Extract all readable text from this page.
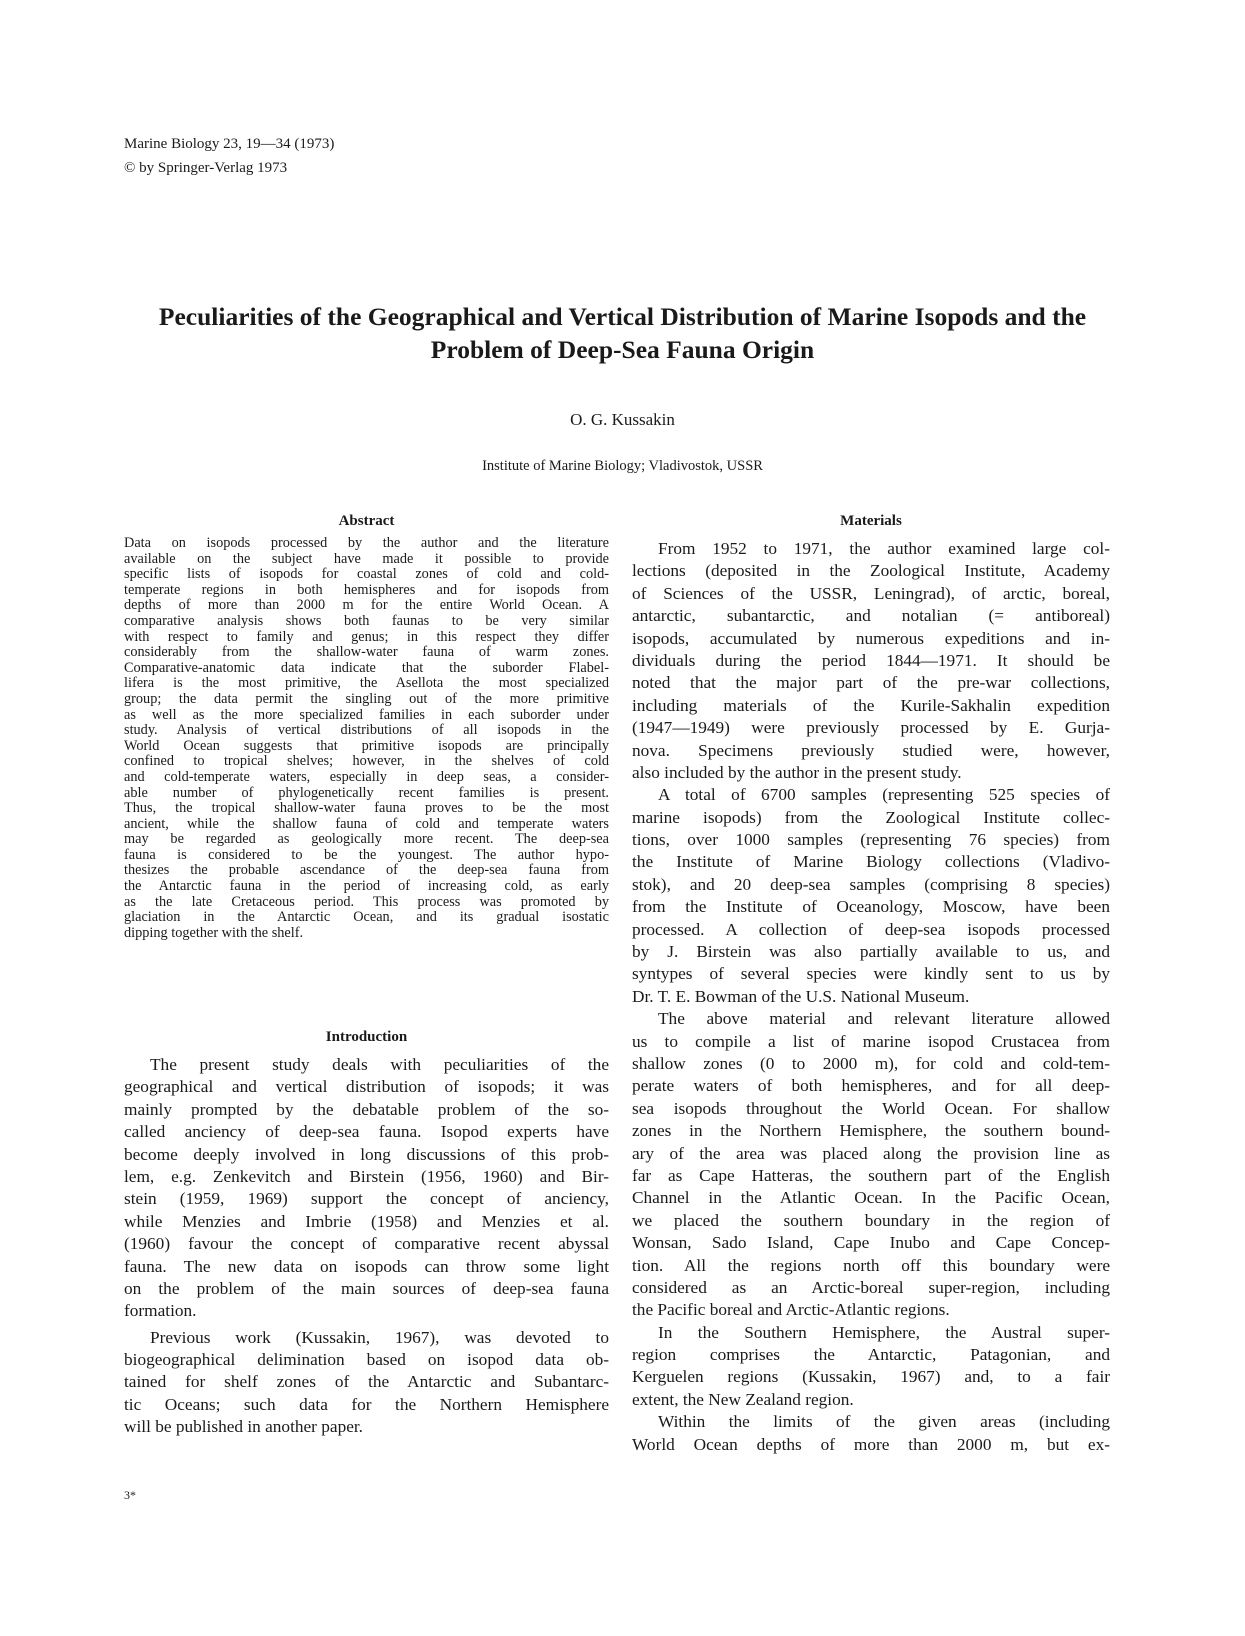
Marine Biology 23, 19—34 (1973)
© by Springer-Verlag 1973
Peculiarities of the Geographical and Vertical Distribution of Marine Isopods and the
Problem of Deep-Sea Fauna Origin
O. G. Kussakin
Institute of Marine Biology; Vladivostok, USSR
Abstract
Data on isopods processed by the author and the literature
available on the subject have made it possible to provide
specific lists of isopods for coastal zones of cold and cold-
temperate regions in both hemispheres and for isopods from
depths of more than 2000 m for the entire World Ocean. A
comparative analysis shows both faunas to be very similar
with respect to family and genus; in this respect they differ
considerably from the shallow-water fauna of warm zones.
Comparative-anatomic data indicate that the suborder Flabel-
lifera is the most primitive, the Asellota the most specialized
group; the data permit the singling out of the more primitive
as well as the more specialized families in each suborder under
study. Analysis of vertical distributions of all isopods in the
World Ocean suggests that primitive isopods are principally
confined to tropical shelves; however, in the shelves of cold
and cold-temperate waters, especially in deep seas, a consider-
able number of phylogenetically recent families is present.
Thus, the tropical shallow-water fauna proves to be the most
ancient, while the shallow fauna of cold and temperate waters
may be regarded as geologically more recent. The deep-sea
fauna is considered to be the youngest. The author hypo-
thesizes the probable ascendance of the deep-sea fauna from
the Antarctic fauna in the period of increasing cold, as early
as the late Cretaceous period. This process was promoted by
glaciation in the Antarctic Ocean, and its gradual isostatic
dipping together with the shelf.
Introduction
The present study deals with peculiarities of the
geographical and vertical distribution of isopods; it was
mainly prompted by the debatable problem of the so-
called anciency of deep-sea fauna. Isopod experts have
become deeply involved in long discussions of this prob-
lem, e.g. Zenkevitch and Birstein (1956, 1960) and Bir-
stein (1959, 1969) support the concept of anciency,
while Menzies and Imbrie (1958) and Menzies et al.
(1960) favour the concept of comparative recent abyssal
fauna. The new data on isopods can throw some light
on the problem of the main sources of deep-sea fauna
formation.
Previous work (Kussakin, 1967), was devoted to
biogeographical delimination based on isopod data ob-
tained for shelf zones of the Antarctic and Subantarc-
tic Oceans; such data for the Northern Hemisphere
will be published in another paper.
Materials
From 1952 to 1971, the author examined large col-
lections (deposited in the Zoological Institute, Academy
of Sciences of the USSR, Leningrad), of arctic, boreal,
antarctic, subantarctic, and notalian (= antiboreal)
isopods, accumulated by numerous expeditions and in-
dividuals during the period 1844—1971. It should be
noted that the major part of the pre-war collections,
including materials of the Kurile-Sakhalin expedition
(1947—1949) were previously processed by E. Gurja-
nova. Specimens previously studied were, however,
also included by the author in the present study.
A total of 6700 samples (representing 525 species of
marine isopods) from the Zoological Institute collec-
tions, over 1000 samples (representing 76 species) from
the Institute of Marine Biology collections (Vladivo-
stok), and 20 deep-sea samples (comprising 8 species)
from the Institute of Oceanology, Moscow, have been
processed. A collection of deep-sea isopods processed
by J. Birstein was also partially available to us, and
syntypes of several species were kindly sent to us by
Dr. T. E. Bowman of the U.S. National Museum.
The above material and relevant literature allowed
us to compile a list of marine isopod Crustacea from
shallow zones (0 to 2000 m), for cold and cold-tem-
perate waters of both hemispheres, and for all deep-
sea isopods throughout the World Ocean. For shallow
zones in the Northern Hemisphere, the southern bound-
ary of the area was placed along the provision line as
far as Cape Hatteras, the southern part of the English
Channel in the Atlantic Ocean. In the Pacific Ocean,
we placed the southern boundary in the region of
Wonsan, Sado Island, Cape Inubo and Cape Concep-
tion. All the regions north off this boundary were
considered as an Arctic-boreal super-region, including
the Pacific boreal and Arctic-Atlantic regions.
In the Southern Hemisphere, the Austral super-
region comprises the Antarctic, Patagonian, and
Kerguelen regions (Kussakin, 1967) and, to a fair
extent, the New Zealand region.
Within the limits of the given areas (including
World Ocean depths of more than 2000 m, but ex-
3*
